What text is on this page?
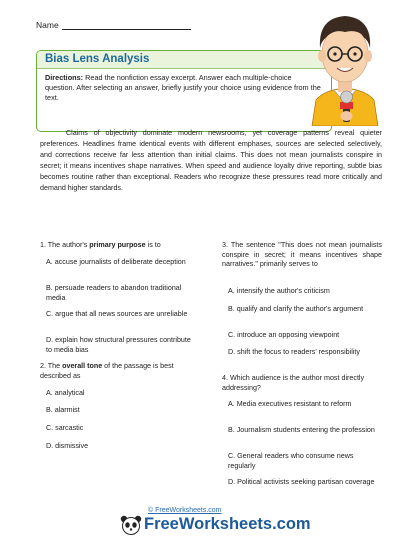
Name
Bias Lens Analysis
Directions: Read the nonfiction essay excerpt. Answer each multiple-choice question. After selecting an answer, briefly justify your choice using evidence from the text.
Claims of objectivity dominate modern newsrooms, yet coverage patterns reveal quieter preferences. Headlines frame identical events with different emphases, sources are selected selectively, and corrections receive far less attention than initial claims. This does not mean journalists conspire in secret; it means incentives shape narratives. When speed and audience loyalty drive reporting, subtle bias becomes routine rather than exceptional. Readers who recognize these pressures read more critically and demand higher standards.
1. The author's primary purpose is to
A. accuse journalists of deliberate deception
B. persuade readers to abandon traditional media
C. argue that all news sources are unreliable
D. explain how structural pressures contribute to media bias
2. The overall tone of the passage is best described as
A. analytical
B. alarmist
C. sarcastic
D. dismissive
3. The sentence "This does not mean journalists conspire in secret; it means incentives shape narratives." primarily serves to
A. intensify the author's criticism
B. qualify and clarify the author's argument
C. introduce an opposing viewpoint
D. shift the focus to readers' responsibility
4. Which audience is the author most directly addressing?
A. Media executives resistant to reform
B. Journalism students entering the profession
C. General readers who consume news regularly
D. Political activists seeking partisan coverage
© FreeWorksheets.com
FreeWorksheets.com
